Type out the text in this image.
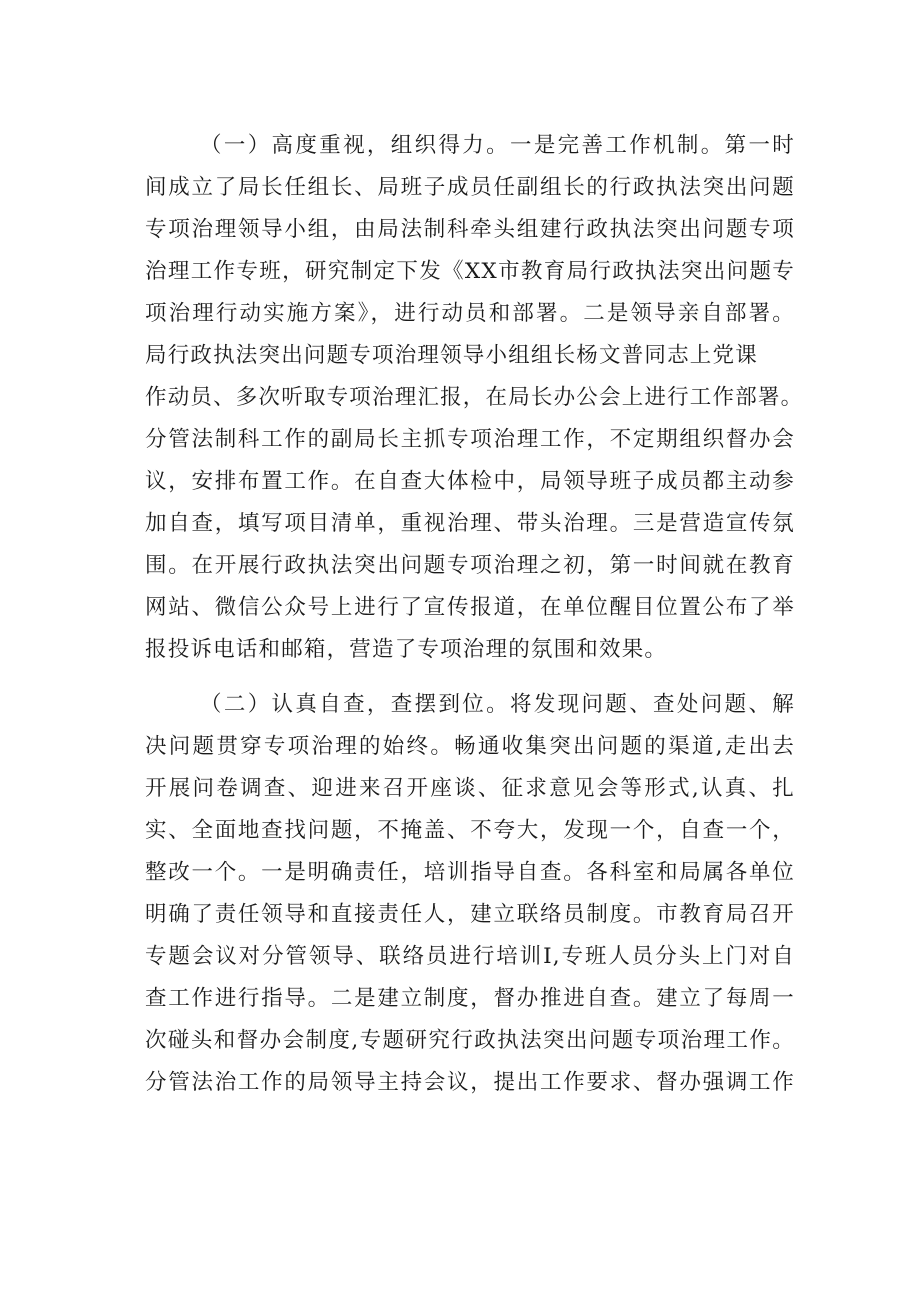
（一）高度重视，组织得力。一是完善工作机制。第一时
间成立了局长任组长、局班子成员任副组长的行政执法突出问题
专项治理领导小组，由局法制科牵头组建行政执法突出问题专项
治理工作专班，研究制定下发《XX市教育局行政执法突出问题专
项治理行动实施方案》，进行动员和部署。二是领导亲自部署。
局行政执法突出问题专项治理领导小组组长杨文普同志上党课
作动员、多次听取专项治理汇报，在局长办公会上进行工作部署。
分管法制科工作的副局长主抓专项治理工作，不定期组织督办会
议，安排布置工作。在自查大体检中，局领导班子成员都主动参
加自查，填写项目清单，重视治理、带头治理。三是营造宣传氛
围。在开展行政执法突出问题专项治理之初，第一时间就在教育
网站、微信公众号上进行了宣传报道，在单位醒目位置公布了举
报投诉电话和邮箱，营造了专项治理的氛围和效果。
（二）认真自查，查摆到位。将发现问题、查处问题、解
决问题贯穿专项治理的始终。畅通收集突出问题的渠道,走出去
开展问卷调查、迎进来召开座谈、征求意见会等形式,认真、扎
实、全面地查找问题，不掩盖、不夸大，发现一个，自查一个，
整改一个。一是明确责任，培训指导自查。各科室和局属各单位
明确了责任领导和直接责任人，建立联络员制度。市教育局召开
专题会议对分管领导、联络员进行培训I,专班人员分头上门对自
查工作进行指导。二是建立制度，督办推进自查。建立了每周一
次碰头和督办会制度,专题研究行政执法突出问题专项治理工作。
分管法治工作的局领导主持会议，提出工作要求、督办强调工作
